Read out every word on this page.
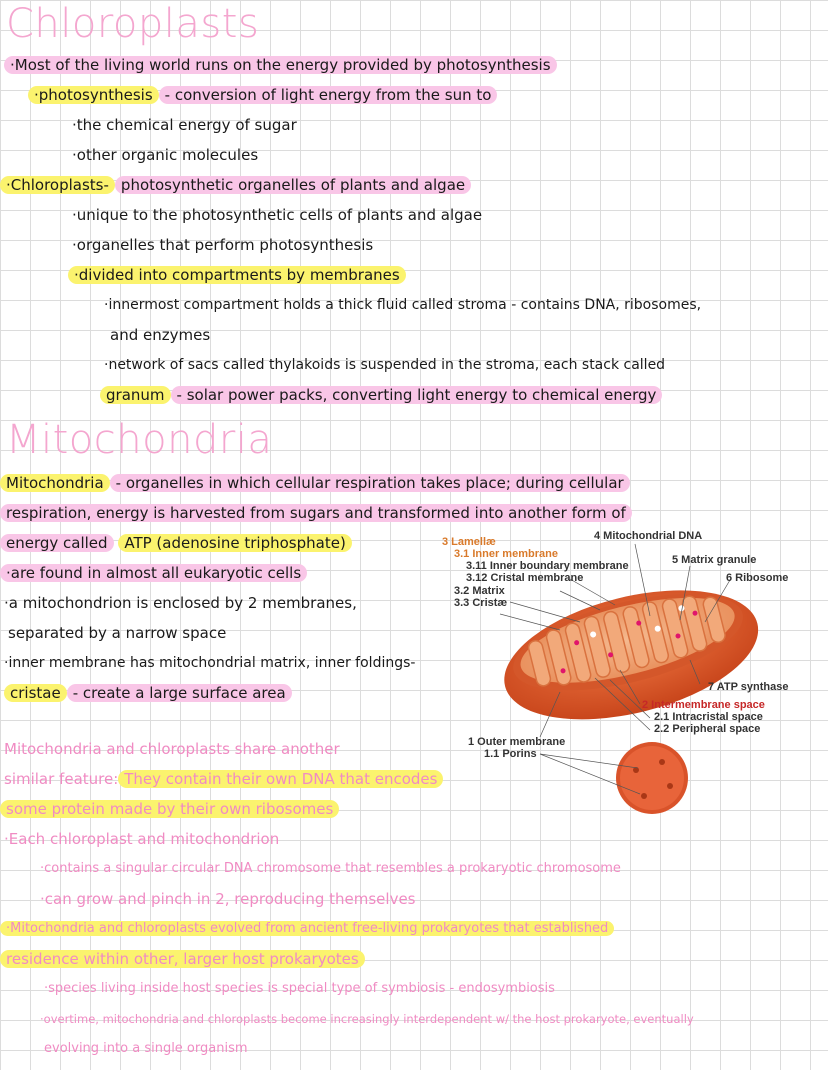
Chloroplasts
·Most of the living world runs on the energy provided by photosynthesis
·photosynthesis - conversion of light energy from the sun to
·the chemical energy of sugar
·other organic molecules
·Chloroplasts- photosynthetic organelles of plants and algae
·unique to the photosynthetic cells of plants and algae
·organelles that perform photosynthesis
·divided into compartments by membranes
·innermost compartment holds a thick fluid called stroma - contains DNA, ribosomes,
and enzymes
·network of sacs called thylakoids is suspended in the stroma, each stack called
granum - solar power packs, converting light energy to chemical energy
Mitochondria
Mitochondria - organelles in which cellular respiration takes place; during cellular
respiration, energy is harvested from sugars and transformed into another form of
energy called ATP (adenosine triphosphate)
·are found in almost all eukaryotic cells
·a mitochondrion is enclosed by 2 membranes,
separated by a narrow space
·inner membrane has mitochondrial matrix, inner foldings-
cristae - create a large surface area
3 Lamellæ
3.1 Inner membrane
3.11 Inner boundary membrane
3.12 Cristal membrane
3.2 Matrix
3.3 Cristæ
4 Mitochondrial DNA
5 Matrix granule
6 Ribosome
7 ATP synthase
2 Intermembrane space
2.1 Intracristal space
2.2 Peripheral space
1 Outer membrane
1.1 Porins
Mitochondria and chloroplasts share another
similar feature: They contain their own DNA that encodes
some protein made by their own ribosomes
·Each chloroplast and mitochondrion
·contains a singular circular DNA chromosome that resembles a prokaryotic chromosome
·can grow and pinch in 2, reproducing themselves
·Mitochondria and chloroplasts evolved from ancient free-living prokaryotes that established
residence within other, larger host prokaryotes
·species living inside host species is special type of symbiosis - endosymbiosis
·overtime, mitochondria and chloroplasts become increasingly interdependent w/ the host prokaryote, eventually
evolving into a single organism
